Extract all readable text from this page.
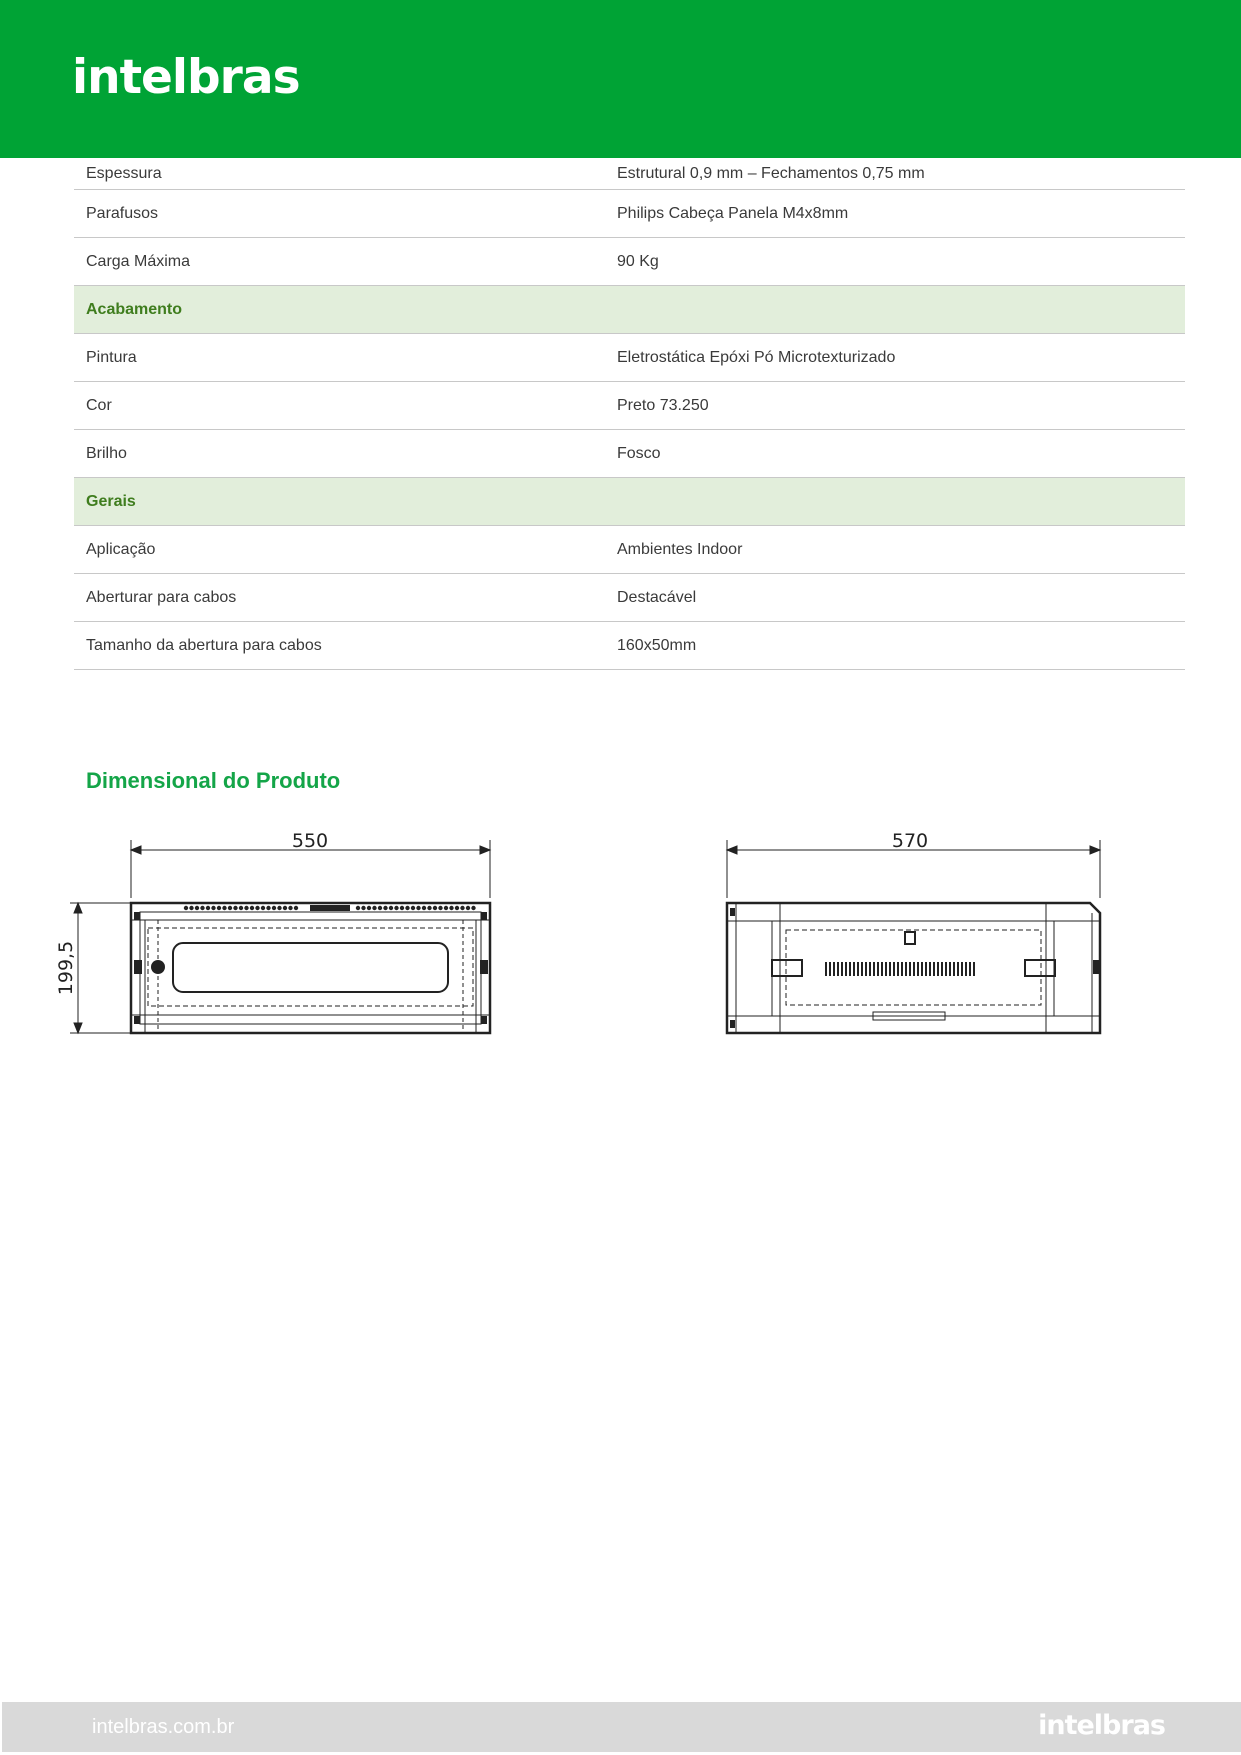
intelbras
Espessura	Estrutural 0,9 mm – Fechamentos 0,75 mm
Parafusos	Philips Cabeça Panela M4x8mm
Carga Máxima	90 Kg
Acabamento	
Pintura	Eletrostática Epóxi Pó Microtexturizado
Cor	Preto 73.250
Brilho	Fosco
Gerais	
Aplicação	Ambientes Indoor
Aberturar para cabos	Destacável
Tamanho da abertura para cabos	160x50mm
Dimensional do Produto
550
199,5
570
intelbras.com.br	intelbras
